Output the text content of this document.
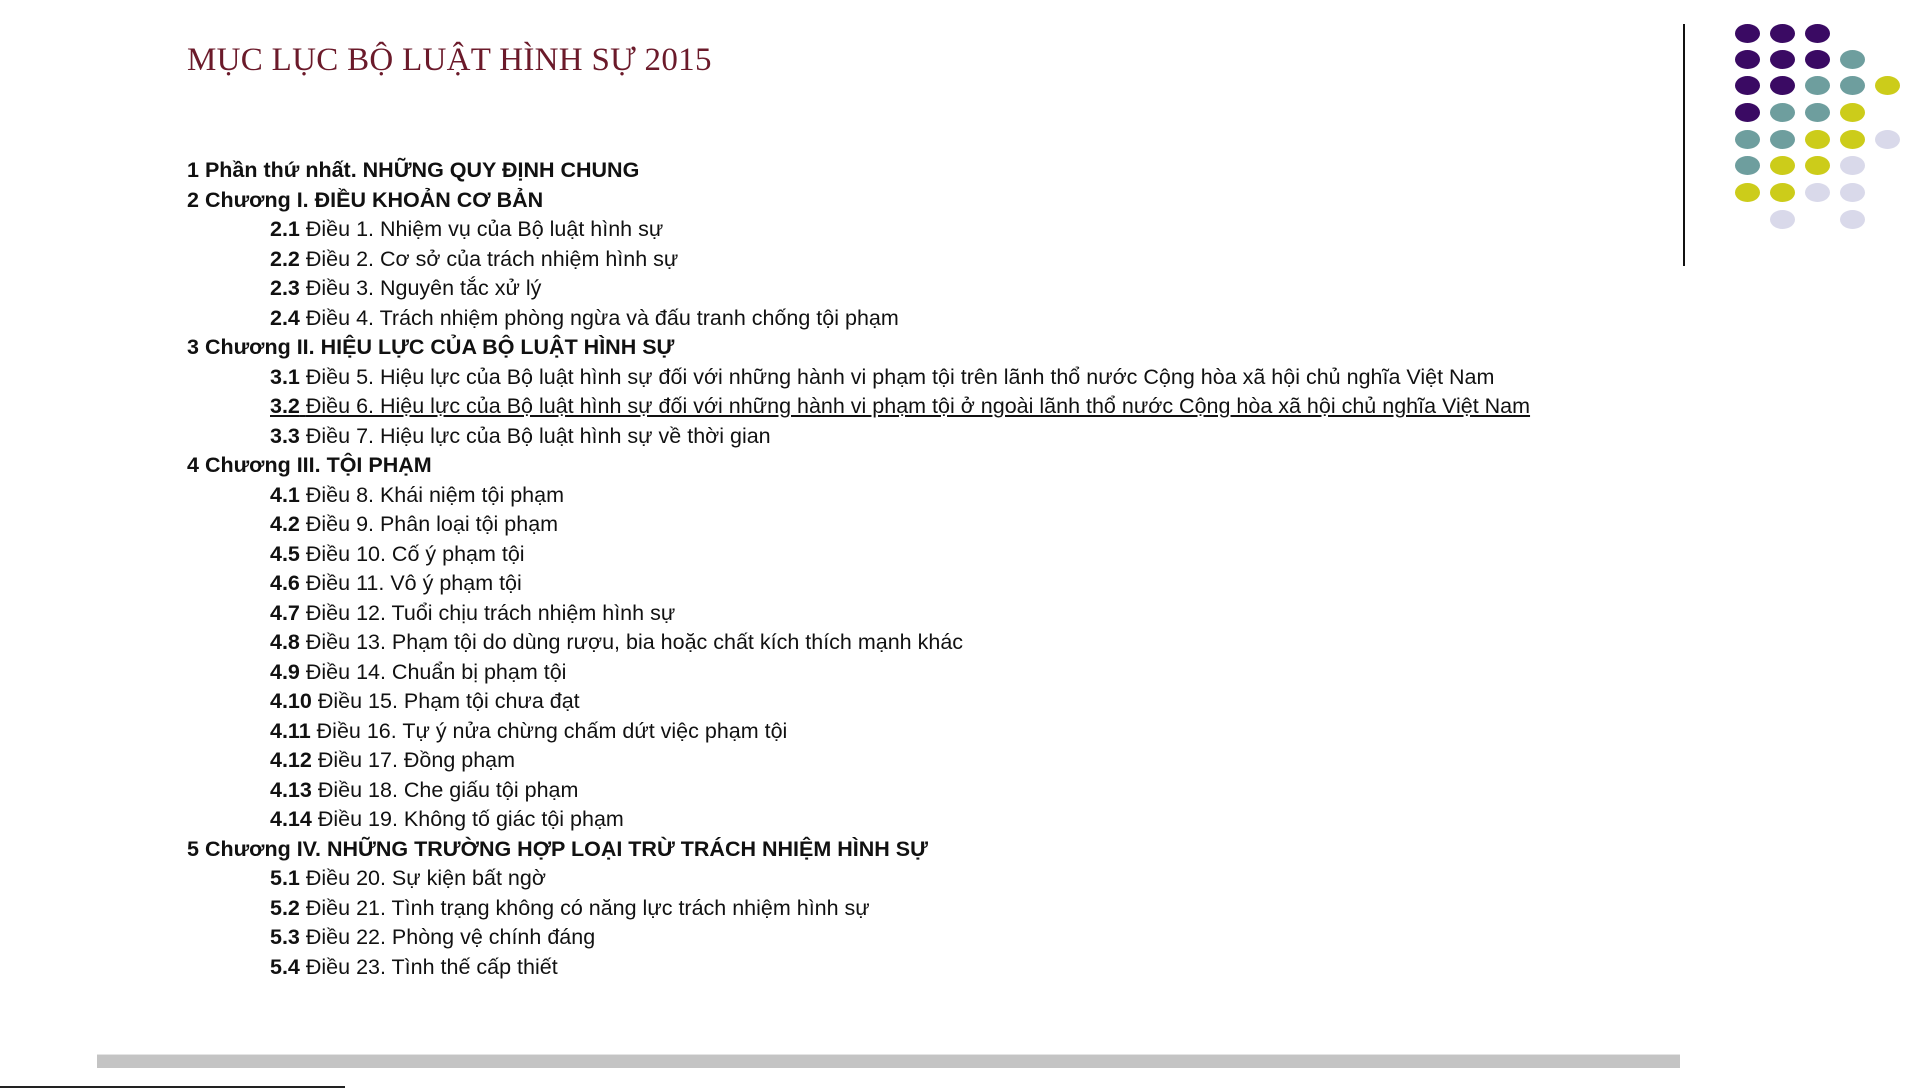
MỤC LỤC BỘ LUẬT HÌNH SỰ 2015
1 Phần thứ nhất. NHỮNG QUY ĐỊNH CHUNG
2 Chương I. ĐIỀU KHOẢN CƠ BẢN
2.1 Điều 1. Nhiệm vụ của Bộ luật hình sự
2.2 Điều 2. Cơ sở của trách nhiệm hình sự
2.3 Điều 3. Nguyên tắc xử lý
2.4 Điều 4. Trách nhiệm phòng ngừa và đấu tranh chống tội phạm
3 Chương II. HIỆU LỰC CỦA BỘ LUẬT HÌNH SỰ
3.1 Điều 5. Hiệu lực của Bộ luật hình sự đối với những hành vi phạm tội trên lãnh thổ nước Cộng hòa xã hội chủ nghĩa Việt Nam
3.2 Điều 6. Hiệu lực của Bộ luật hình sự đối với những hành vi phạm tội ở ngoài lãnh thổ nước Cộng hòa xã hội chủ nghĩa Việt Nam
3.3 Điều 7. Hiệu lực của Bộ luật hình sự về thời gian
4 Chương III. TỘI PHẠM
4.1 Điều 8. Khái niệm tội phạm
4.2 Điều 9. Phân loại tội phạm
4.5 Điều 10. Cố ý phạm tội
4.6 Điều 11. Vô ý phạm tội
4.7 Điều 12. Tuổi chịu trách nhiệm hình sự
4.8 Điều 13. Phạm tội do dùng rượu, bia hoặc chất kích thích mạnh khác
4.9 Điều 14. Chuẩn bị phạm tội
4.10 Điều 15. Phạm tội chưa đạt
4.11 Điều 16. Tự ý nửa chừng chấm dứt việc phạm tội
4.12 Điều 17. Đồng phạm
4.13 Điều 18. Che giấu tội phạm
4.14 Điều 19. Không tố giác tội phạm
5 Chương IV. NHỮNG TRƯỜNG HỢP LOẠI TRỪ TRÁCH NHIỆM HÌNH SỰ
5.1 Điều 20. Sự kiện bất ngờ
5.2 Điều 21. Tình trạng không có năng lực trách nhiệm hình sự
5.3 Điều 22. Phòng vệ chính đáng
5.4 Điều 23. Tình thế cấp thiết
